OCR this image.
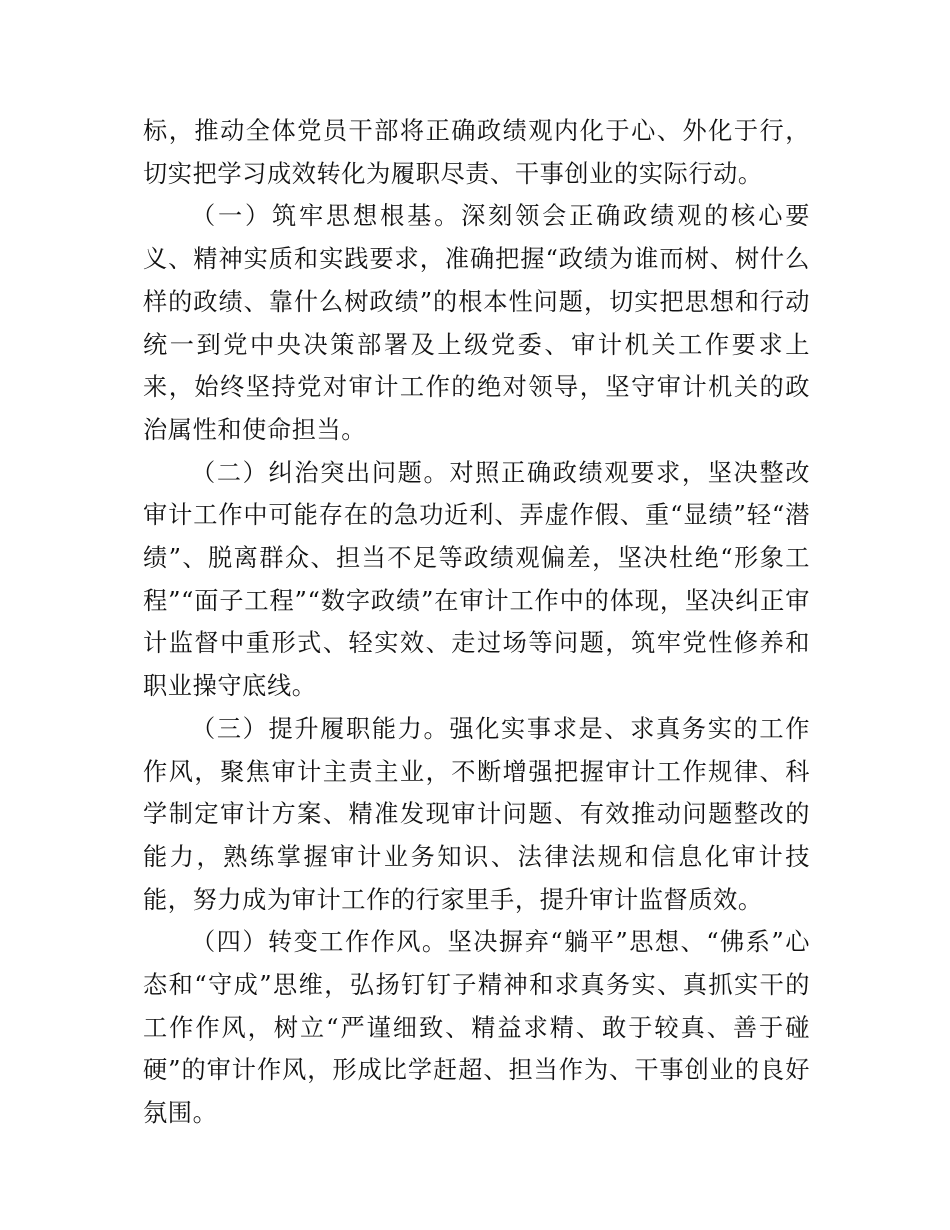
标，推动全体党员干部将正确政绩观内化于心、外化于行，切实把学习成效转化为履职尽责、干事创业的实际行动。

（一）筑牢思想根基。深刻领会正确政绩观的核心要义、精神实质和实践要求，准确把握“政绩为谁而树、树什么样的政绩、靠什么树政绩”的根本性问题，切实把思想和行动统一到党中央决策部署及上级党委、审计机关工作要求上来，始终坚持党对审计工作的绝对领导，坚守审计机关的政治属性和使命担当。

（二）纠治突出问题。对照正确政绩观要求，坚决整改审计工作中可能存在的急功近利、弄虚作假、重“显绩”轻“潜绩”、脱离群众、担当不足等政绩观偏差，坚决杜绝“形象工程”“面子工程”“数字政绩”在审计工作中的体现，坚决纠正审计监督中重形式、轻实效、走过场等问题，筑牢党性修养和职业操守底线。

（三）提升履职能力。强化实事求是、求真务实的工作作风，聚焦审计主责主业，不断增强把握审计工作规律、科学制定审计方案、精准发现审计问题、有效推动问题整改的能力，熟练掌握审计业务知识、法律法规和信息化审计技能，努力成为审计工作的行家里手，提升审计监督质效。

（四）转变工作作风。坚决摒弃“躺平”思想、“佛系”心态和“守成”思维，弘扬钉钉子精神和求真务实、真抓实干的工作作风，树立“严谨细致、精益求精、敢于较真、善于碰硬”的审计作风，形成比学赶超、担当作为、干事创业的良好氛围。
